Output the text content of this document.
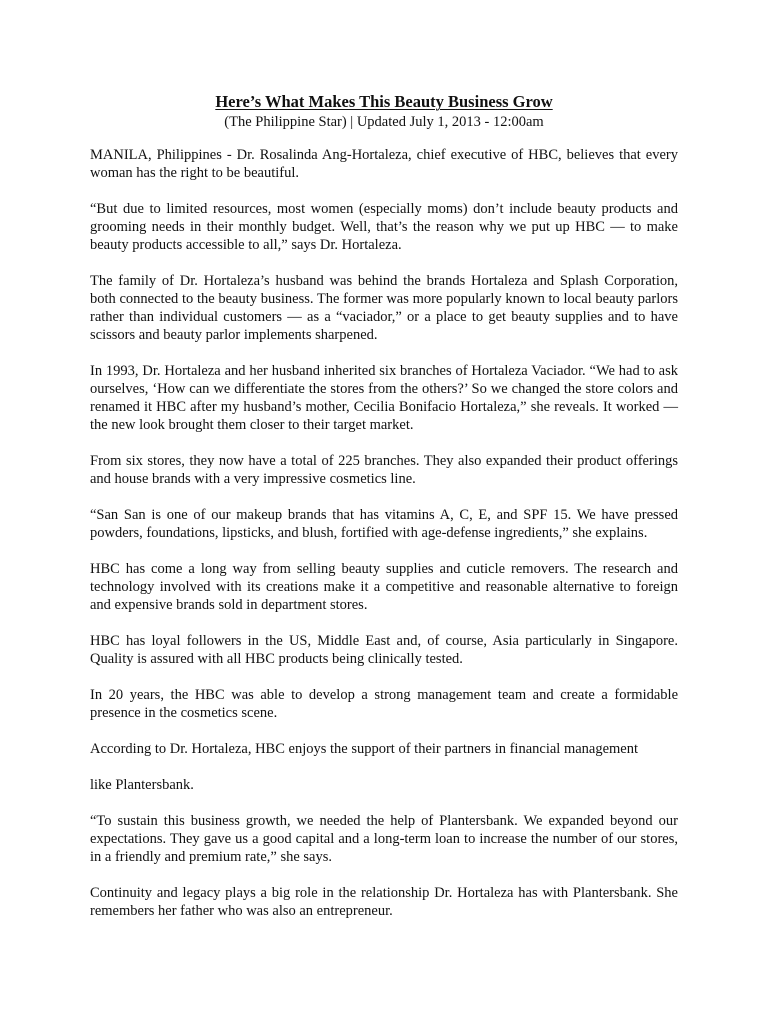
Here’s What Makes This Beauty Business Grow

(The Philippine Star) | Updated July 1, 2013 - 12:00am

MANILA, Philippines - Dr. Rosalinda Ang-Hortaleza, chief executive of HBC, believes that every woman has the right to be beautiful.

“But due to limited resources, most women (especially moms) don’t include beauty products and grooming needs in their monthly budget. Well, that’s the reason why we put up HBC — to make beauty products accessible to all,” says Dr. Hortaleza.

The family of Dr. Hortaleza’s husband was behind the brands Hortaleza and Splash Corporation, both connected to the beauty business. The former was more popularly known to local beauty parlors rather than individual customers — as a “vaciador,” or a place to get beauty supplies and to have scissors and beauty parlor implements sharpened.

In 1993, Dr. Hortaleza and her husband inherited six branches of Hortaleza Vaciador. “We had to ask ourselves, ‘How can we differentiate the stores from the others?’ So we changed the store colors and renamed it HBC after my husband’s mother, Cecilia Bonifacio Hortaleza,” she reveals. It worked — the new look brought them closer to their target market.

From six stores, they now have a total of 225 branches. They also expanded their product offerings and house brands with a very impressive cosmetics line.

“San San is one of our makeup brands that has vitamins A, C, E, and SPF 15. We have pressed powders, foundations, lipsticks, and blush, fortified with age-defense ingredients,” she explains.

HBC has come a long way from selling beauty supplies and cuticle removers. The research and technology involved with its creations make it a competitive and reasonable alternative to foreign and expensive brands sold in department stores.

HBC has loyal followers in the US, Middle East and, of course, Asia particularly in Singapore. Quality is assured with all HBC products being clinically tested.

In 20 years, the HBC was able to develop a strong management team and create a formidable presence in the cosmetics scene.

According to Dr. Hortaleza, HBC enjoys the support of their partners in financial management

like Plantersbank.

“To sustain this business growth, we needed the help of Plantersbank. We expanded beyond our expectations. They gave us a good capital and a long-term loan to increase the number of our stores, in a friendly and premium rate,” she says.

Continuity and legacy plays a big role in the relationship Dr. Hortaleza has with Plantersbank. She remembers her father who was also an entrepreneur.
